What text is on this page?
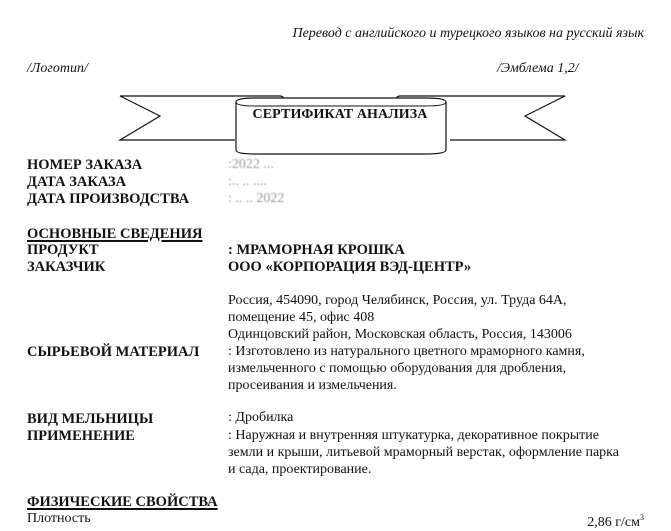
Перевод с английского и турецкого языков на русский язык
/Логотип/	/Эмблема 1,2/
СЕРТИФИКАТ АНАЛИЗА
НОМЕР ЗАКАЗА	:2022 ...
ДАТА ЗАКАЗА	:.. .. ....
ДАТА ПРОИЗВОДСТВА	: .. .. 2022
ОСНОВНЫЕ СВЕДЕНИЯ
ПРОДУКТ	: МРАМОРНАЯ КРОШКА
ЗАКАЗЧИК	ООО «КОРПОРАЦИЯ ВЭД-ЦЕНТР»
Россия, 454090, город Челябинск, Россия, ул. Труда 64А,
помещение 45, офис 408
Одинцовский район, Московская область, Россия, 143006
СЫРЬЕВОЙ МАТЕРИАЛ : Изготовлено из натурального цветного мраморного камня,
измельченного с помощью оборудования для дробления,
просеивания и измельчения.
ВИД МЕЛЬНИЦЫ	: Дробилка
ПРИМЕНЕНИЕ	: Наружная и внутренняя штукатурка, декоративное покрытие
земли и крыши, литьевой мраморный верстак, оформление парка
и сада, проектирование.
ФИЗИЧЕСКИЕ СВОЙСТВА
Плотность	2,86 $г/см^3$
